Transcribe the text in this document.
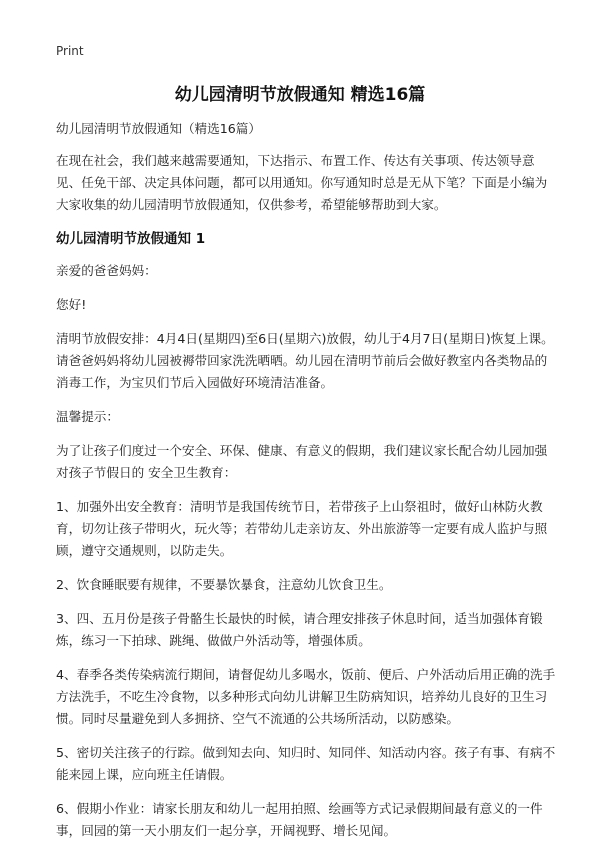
Print
幼儿园清明节放假通知 精选16篇

幼儿园清明节放假通知（精选16篇）

在现在社会，我们越来越需要通知，下达指示、布置工作、传达有关事项、传达领导意见、任免干部、决定具体问题，都可以用通知。你写通知时总是无从下笔？下面是小编为大家收集的幼儿园清明节放假通知，仅供参考，希望能够帮助到大家。

幼儿园清明节放假通知 1

亲爱的爸爸妈妈：

您好!

清明节放假安排：4月4日(星期四)至6日(星期六)放假，幼儿于4月7日(星期日)恢复上课。请爸爸妈妈将幼儿园被褥带回家洗洗晒晒。幼儿园在清明节前后会做好教室内各类物品的消毒工作，为宝贝们节后入园做好环境清洁准备。

温馨提示：

为了让孩子们度过一个安全、环保、健康、有意义的假期，我们建议家长配合幼儿园加强对孩子节假日的 安全卫生教育：

1、加强外出安全教育：清明节是我国传统节日，若带孩子上山祭祖时，做好山林防火教育，切勿让孩子带明火，玩火等；若带幼儿走亲访友、外出旅游等一定要有成人监护与照顾，遵守交通规则，以防走失。

2、饮食睡眠要有规律，不要暴饮暴食，注意幼儿饮食卫生。

3、四、五月份是孩子骨骼生长最快的时候，请合理安排孩子休息时间，适当加强体育锻炼，练习一下拍球、跳绳、做做户外活动等，增强体质。

4、春季各类传染病流行期间，请督促幼儿多喝水，饭前、便后、户外活动后用正确的洗手方法洗手，不吃生冷食物，以多种形式向幼儿讲解卫生防病知识，培养幼儿良好的卫生习惯。同时尽量避免到人多拥挤、空气不流通的公共场所活动，以防感染。

5、密切关注孩子的行踪。做到知去向、知归时、知同伴、知活动内容。孩子有事、有病不能来园上课，应向班主任请假。

6、假期小作业：请家长朋友和幼儿一起用拍照、绘画等方式记录假期间最有意义的一件事，回园的第一天小朋友们一起分享，开阔视野、增长见闻。
